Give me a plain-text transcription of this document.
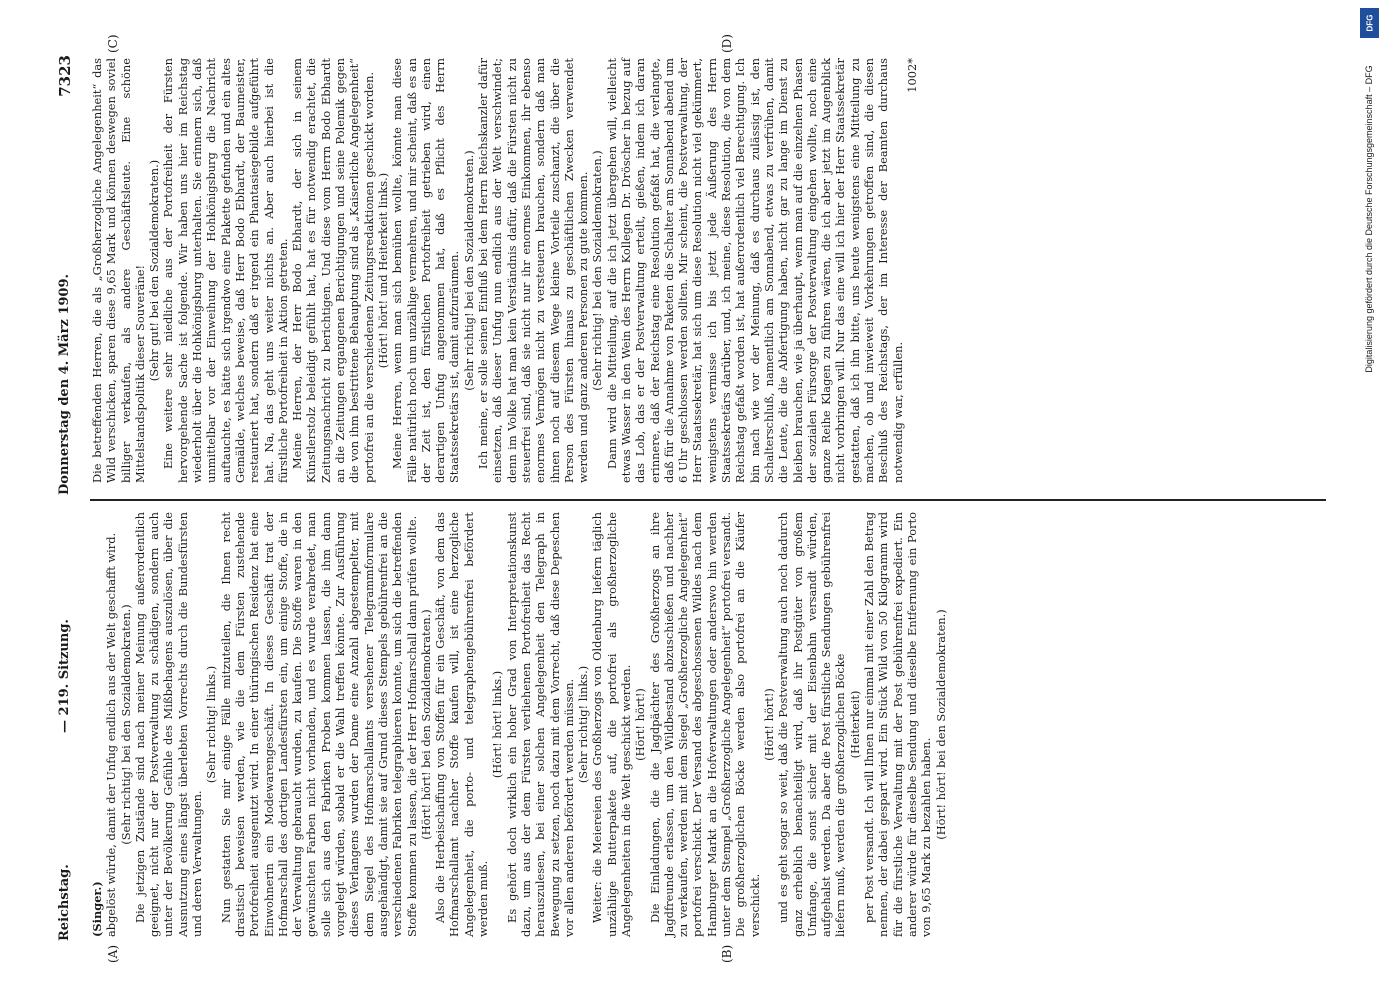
Reichstag.
— 219. Sitzung.
Donnerstag den 4. März 1909.
7323
(A)	(B)
(C)	(D)

(Singer.) abgelöst würde, damit der Unfug endlich aus der Welt geschafft wird. (Sehr richtig! bei den Sozialdemokraten.) Die jetzigen Zustände sind nach meiner Meinung außerordentlich geeignet, nicht nur der Postverwaltung zu schädigen, sondern auch unter der Bevölkerung Gefühle des Mißbehagens auszulösen, über die Ausnutzung eines längst überlebten Vorrechts durch die Bundesfürsten und deren Verwaltungen.

(Sehr richtig! links.) Nun gestatten Sie mir einige Fälle mitzuteilen, die Ihnen recht drastisch beweisen werden, wie die dem Fürsten zustehende Portofreiheit ausgenutzt wird. In einer thüringischen Residenz hat eine Einwohnerin ein Modewarengeschäft. In dieses Geschäft trat der Hofmarschall des dortigen Landesfürsten ein, um einige Stoffe, die in der Verwaltung gebraucht wurden, zu kaufen. Die Stoffe waren in den gewünschten Farben nicht vorhanden, und es wurde verabredet, man solle sich aus den Fabriken Proben kommen lassen, die ihm dann vorgelegt würden, sobald er die Wahl treffen könnte. Zur Ausführung dieses Verlangens wurden der Dame eine Anzahl abgestempelter, mit dem Siegel des Hofmarschallamts versehener Telegrammformulare ausgehändigt, damit sie auf Grund dieses Stempels gebührenfrei an die verschiedenen Fabriken telegraphieren konnte, um sich die betreffenden Stoffe kommen zu lassen, die der Herr Hofmarschall dann prüfen wollte. (Hört! hört! bei den Sozialdemokraten.) Also die Herbeischaffung von Stoffen für ein Geschäft, von dem das Hofmarschallamt nachher Stoffe kaufen will, ist eine herzogliche Angelegenheit, die porto- und telegraphengebührenfrei befördert werden muß.

(Hört! hört! links.) Es gehört doch wirklich ein hoher Grad von Interpretationskunst dazu, um aus der dem Fürsten verliehenen Portofreiheit das Recht herauszulesen, bei einer solchen Angelegenheit den Telegraph in Bewegung zu setzen, noch dazu mit dem Vorrecht, daß diese Depeschen vor allen anderen befördert werden müssen. (Sehr richtig! links.) Weiter: die Meiereien des Großherzogs von Oldenburg liefern täglich unzählige Butterpakete auf, die portofrei als großherzogliche Angelegenheiten in die Welt geschickt werden. (Hört! hört!) Die Einladungen, die die Jagdpächter des Großherzogs an ihre Jagdfreunde erlassen, um den Wildbestand abzuschießen und nachher zu verkaufen, werden mit dem Siegel „Großherzogliche Angelegenheit“ portofrei verschickt. Der Versand des abgeschossenen Wildes nach dem Hamburger Markt an die Hofverwaltungen oder anderswo hin werden unter dem Stempel „Großherzogliche Angelegenheit“ portofrei versandt. Die großherzoglichen Böcke werden also portofrei an die Käufer verschickt.

(Hört! hört!) und es geht sogar so weit, daß die Postverwaltung auch noch dadurch ganz erheblich benachteiligt wird, daß ihr Postgüter von großem Umfange, die sonst sicher mit der Eisenbahn versandt würden, aufgehalst werden. Da aber die Post fürstliche Sendungen gebührenfrei liefern muß, werden die großherzoglichen Böcke (Heiterkeit) per Post versandt. Ich will Ihnen nur einmal mit einer Zahl den Betrag nennen, der dabei gespart wird. Ein Stück Wild von 50 Kilogramm wird für die fürstliche Verwaltung mit der Post gebührenfrei expediert. Ein anderer würde für dieselbe Sendung und dieselbe Entfernung ein Porto von 9,65 Mark zu bezahlen haben. (Hört! hört! bei den Sozialdemokraten.)

Die betreffenden Herren, die als „Großherzogliche Angelegenheit“ das Wild verschicken, sparen diese 9,65 Mark und können deswegen soviel billiger verkaufen, als andere Geschäftsleute. Eine schöne Mittelstandspolitik dieser Souveräne! (Sehr gut! bei den Sozialdemokraten.) Eine weitere sehr niedliche aus der Portofreiheit der Fürsten hervorgehende Sache ist folgende. Wir haben uns hier im Reichstag wiederholt über die Hohkönigsburg unterhalten. Sie erinnern sich, daß unmittelbar vor der Einweihung der Hohkönigsburg die Nachricht auftauchte, es hätte sich irgendwo eine Plakette gefunden und ein altes Gemälde, welches beweise, daß Herr Bodo Ebhardt, der Baumeister, restauriert hat, sondern daß er irgend ein Phantasiegebilde aufgeführt hat. Na, das geht uns weiter nichts an. Aber auch hierbei ist die fürstliche Portofreiheit in Aktion getreten. Meine Herren, der Herr Bodo Ebhardt, der sich in seinem Künstlerstolz beleidigt gefühlt hat, hat es für notwendig erachtet, die Zeitungsnachricht zu berichtigen. Und diese vom Herrn Bodo Ebhardt an die Zeitungen ergangenen Berichtigungen und seine Polemik gegen die von ihm bestrittene Behauptung sind als „Kaiserliche Angelegenheit“ portofrei an die verschiedenen Zeitungsredaktionen geschickt worden. (Hört! hört! und Heiterkeit links.) Meine Herren, wenn man sich bemühen wollte, könnte man diese Fälle natürlich noch um unzählige vermehren, und mir scheint, daß es an der Zeit ist, den fürstlichen Portofreiheit getrieben wird, einen derartigen Unfug angenommen hat, daß es Pflicht des Herrn Staatssekretärs ist, damit aufzuräumen. (Sehr richtig! bei den Sozialdemokraten.) Ich meine, er solle seinen Einfluß bei dem Herrn Reichskanzler dafür einsetzen, daß dieser Unfug nun endlich aus der Welt verschwindet; denn im Volke hat man kein Verständnis dafür, daß die Fürsten nicht zu steuerfrei sind, daß sie nicht nur ihr enormes Einkommen, ihr ebenso enormes Vermögen nicht zu versteuern brauchen, sondern daß man ihnen noch auf diesem Wege kleine Vorteile zuschanzt, die über die Person des Fürsten hinaus zu geschäftlichen Zwecken verwendet werden und ganz anderen Personen zu gute kommen. (Sehr richtig! bei den Sozialdemokraten.) Dann wird die Mitteilung, auf die ich jetzt übergehen will, vielleicht etwas Wasser in den Wein des Herrn Kollegen Dr. Dröscher in bezug auf das Lob, das er der Postverwaltung erteilt, gießen, indem ich daran erinnere, daß der Reichstag eine Resolution gefaßt hat, die verlangte, daß für die Annahme von Paketen die Schalter am Sonnabend abend um 6 Uhr geschlossen werden sollten. Mir scheint, die Postverwaltung, der Herr Staatssekretär, hat sich um diese Resolution nicht viel gekümmert, wenigstens vermisse ich bis jetzt jede Äußerung des Herrn Staatssekretärs darüber, und, ich meine, diese Resolution, die von dem Reichstag gefaßt worden ist, hat außerordentlich viel Berechtigung. Ich bin nach wie vor der Meinung, daß es durchaus zulässig ist, den Schalterschluß, namentlich am Sonnabend, etwas zu verfrühen, damit die Leute, die die Abfertigung haben, nicht gar zu lange im Dienst zu bleiben brauchen, wie ja überhaupt, wenn man auf die einzelnen Phasen der sozialen Fürsorge der Postverwaltung eingehen wollte, noch eine ganze Reihe Klagen zu führen wären, die ich aber jetzt im Augenblick nicht vorbringen will. Nur das eine will ich hier der Herr Staatssekretär gestatten, daß ich ihn bitte, uns heute wenigstens eine Mitteilung zu machen, ob und inwieweit Vorkehrungen getroffen sind, die diesen Beschluß des Reichstags, der im Interesse der Beamten durchaus notwendig war, erfüllen.

1002*

DFG
Digitalisierung gefördert durch die Deutsche Forschungsgemeinschaft – DFG
